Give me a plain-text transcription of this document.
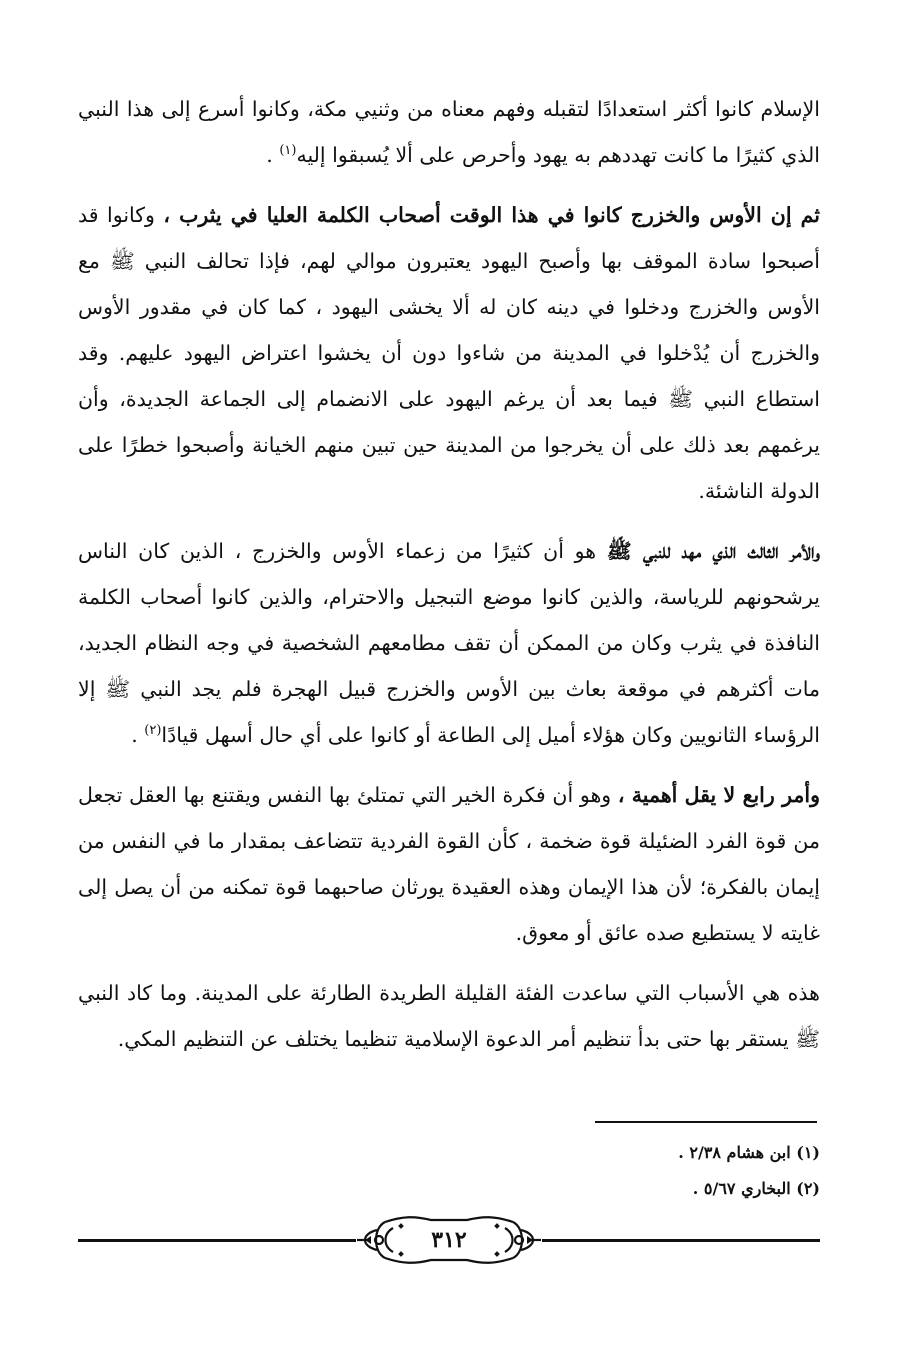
الإسلام كانوا أكثر استعدادًا لتقبله وفهم معناه من وثنيي مكة، وكانوا أسرع إلى هذا النبي الذي كثيرًا ما كانت تهددهم به يهود وأحرص على ألا يُسبقوا إليه$^{(١)}$ .

ثم إن الأوس والخزرج كانوا في هذا الوقت أصحاب الكلمة العليا في يثرب ، وكانوا قد أصبحوا سادة الموقف بها وأصبح اليهود يعتبرون موالي لهم، فإذا تحالف النبي ﷺ مع الأوس والخزرج ودخلوا في دينه كان له ألا يخشى اليهود ، كما كان في مقدور الأوس والخزرج أن يُدْخلوا في المدينة من شاءوا دون أن يخشوا اعتراض اليهود عليهم. وقد استطاع النبي ﷺ فيما بعد أن يرغم اليهود على الانضمام إلى الجماعة الجديدة، وأن يرغمهم بعد ذلك على أن يخرجوا من المدينة حين تبين منهم الخيانة وأصبحوا خطرًا على الدولة الناشئة.

والأمر الثالث الذي مهد للنبي ﷺ هو أن كثيرًا من زعماء الأوس والخزرج ، الذين كان الناس يرشحونهم للرياسة، والذين كانوا موضع التبجيل والاحترام، والذين كانوا أصحاب الكلمة النافذة في يثرب وكان من الممكن أن تقف مطامعهم الشخصية في وجه النظام الجديد، مات أكثرهم في موقعة بعاث بين الأوس والخزرج قبيل الهجرة فلم يجد النبي ﷺ إلا الرؤساء الثانويين وكان هؤلاء أميل إلى الطاعة أو كانوا على أي حال أسهل قيادًا$^{(٢)}$ .

وأمر رابع لا يقل أهمية ، وهو أن فكرة الخير التي تمتلئ بها النفس ويقتنع بها العقل تجعل من قوة الفرد الضئيلة قوة ضخمة ، كأن القوة الفردية تتضاعف بمقدار ما في النفس من إيمان بالفكرة؛ لأن هذا الإيمان وهذه العقيدة يورثان صاحبهما قوة تمكنه من أن يصل إلى غايته لا يستطيع صده عائق أو معوق.

هذه هي الأسباب التي ساعدت الفئة القليلة الطريدة الطارئة على المدينة. وما كاد النبي ﷺ يستقر بها حتى بدأ تنظيم أمر الدعوة الإسلامية تنظيما يختلف عن التنظيم المكي.

(١) ابن هشام ٢/٣٨ .

(٢) البخاري ٥/٦٧ .

٣١٢
